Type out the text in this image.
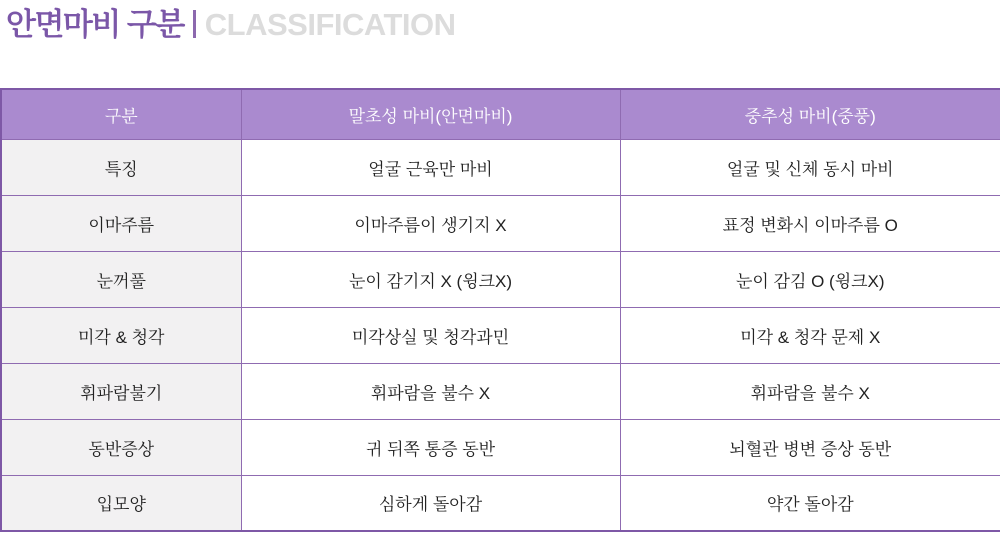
안면마비 구분 CLASSIFICATION
구분	말초성 마비(안면마비)	중추성 마비(중풍)
특징	얼굴 근육만 마비	얼굴 및 신체 동시 마비
이마주름	이마주름이 생기지 X	표정 변화시 이마주름 O
눈꺼풀	눈이 감기지 X (윙크X)	눈이 감김 O (윙크X)
미각 & 청각	미각상실 및 청각과민	미각 & 청각 문제 X
휘파람불기	휘파람을 불수 X	휘파람을 불수 X
동반증상	귀 뒤쪽 통증 동반	뇌혈관 병변 증상 동반
입모양	심하게 돌아감	약간 돌아감
